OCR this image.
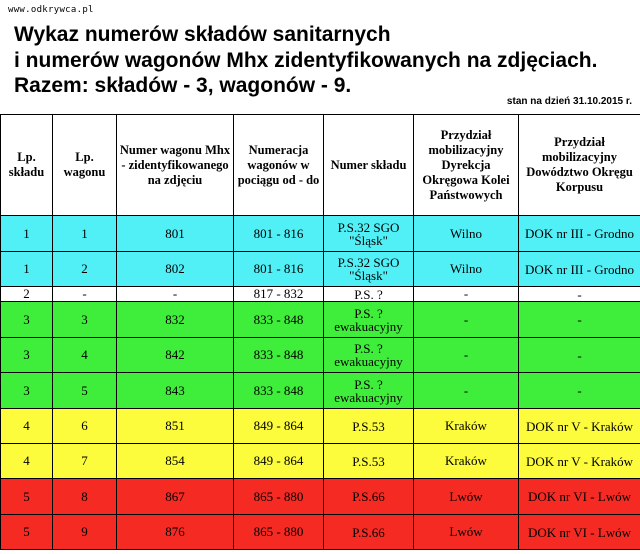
www.odkrywca.pl
Wykaz numerów składów sanitarnych
i numerów wagonów Mhx zidentyfikowanych na zdjęciach.
Razem: składów - 3, wagonów - 9.
stan na dzień 31.10.2015 r.
Lp. składu	Lp. wagonu	Numer wagonu Mhx - zidentyfikowanego na zdjęciu	Numeracja wagonów w pociągu od - do	Numer składu	Przydział mobilizacyjny Dyrekcja Okręgowa Kolei Państwowych	Przydział mobilizacyjny Dowództwo Okręgu Korpusu
1	1	801	801 - 816	P.S.32 SGO "Śląsk"	Wilno	DOK nr III - Grodno
1	2	802	801 - 816	P.S.32 SGO "Śląsk"	Wilno	DOK nr III - Grodno
2	-	-	817 - 832	P.S. ?	-	-
3	3	832	833 - 848	P.S. ? ewakuacyjny	-	-
3	4	842	833 - 848	P.S. ? ewakuacyjny	-	-
3	5	843	833 - 848	P.S. ? ewakuacyjny	-	-
4	6	851	849 - 864	P.S.53	Kraków	DOK nr V - Kraków
4	7	854	849 - 864	P.S.53	Kraków	DOK nr V - Kraków
5	8	867	865 - 880	P.S.66	Lwów	DOK nr VI - Lwów
5	9	876	865 - 880	P.S.66	Lwów	DOK nr VI - Lwów
